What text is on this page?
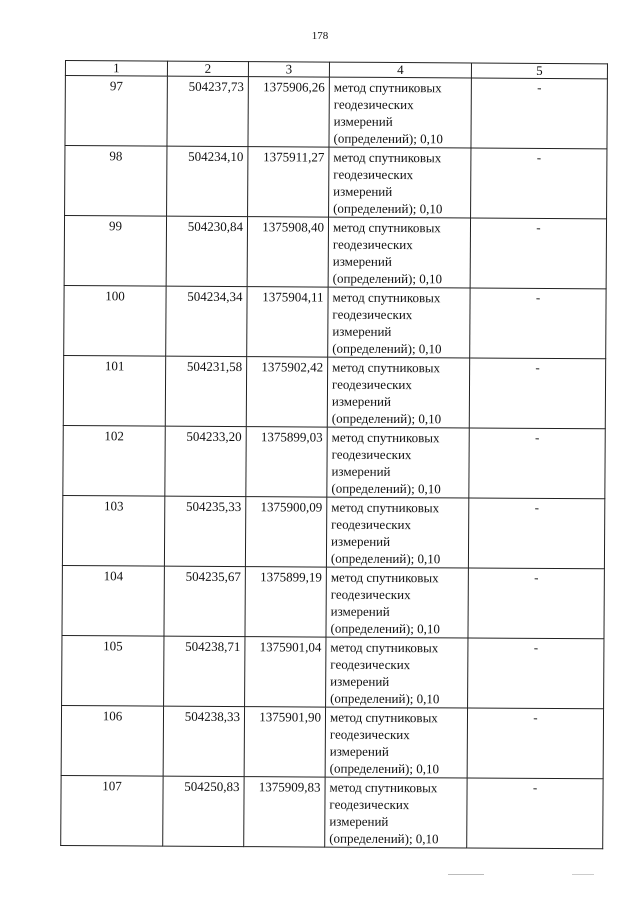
178
1	2	3	4	5
97	504237,73	1375906,26	метод спутниковых
геодезических
измерений
(определений); 0,10	-
98	504234,10	1375911,27	метод спутниковых
геодезических
измерений
(определений); 0,10	-
99	504230,84	1375908,40	метод спутниковых
геодезических
измерений
(определений); 0,10	-
100	504234,34	1375904,11	метод спутниковых
геодезических
измерений
(определений); 0,10	-
101	504231,58	1375902,42	метод спутниковых
геодезических
измерений
(определений); 0,10	-
102	504233,20	1375899,03	метод спутниковых
геодезических
измерений
(определений); 0,10	-
103	504235,33	1375900,09	метод спутниковых
геодезических
измерений
(определений); 0,10	-
104	504235,67	1375899,19	метод спутниковых
геодезических
измерений
(определений); 0,10	-
105	504238,71	1375901,04	метод спутниковых
геодезических
измерений
(определений); 0,10	-
106	504238,33	1375901,90	метод спутниковых
геодезических
измерений
(определений); 0,10	-
107	504250,83	1375909,83	метод спутниковых
геодезических
измерений
(определений); 0,10	-
